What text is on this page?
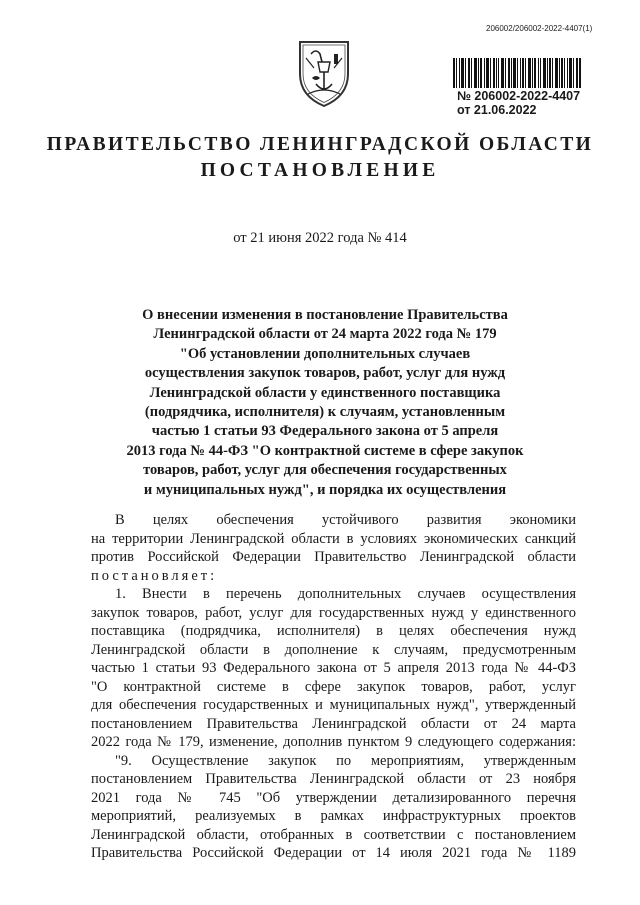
206002/206002-2022-4407(1)
№ 206002-2022-4407
от 21.06.2022
ПРАВИТЕЛЬСТВО ЛЕНИНГРАДСКОЙ ОБЛАСТИ
ПОСТАНОВЛЕНИЕ
от 21 июня 2022 года № 414
О внесении изменения в постановление Правительства
Ленинградской области от 24 марта 2022 года № 179
"Об установлении дополнительных случаев
осуществления закупок товаров, работ, услуг для нужд
Ленинградской области у единственного поставщика
(подрядчика, исполнителя) к случаям, установленным
частью 1 статьи 93 Федерального закона от 5 апреля
2013 года № 44-ФЗ "О контрактной системе в сфере закупок
товаров, работ, услуг для обеспечения государственных
и муниципальных нужд", и порядка их осуществления
В целях обеспечения устойчивого развития экономики
на территории Ленинградской области в условиях экономических санкций
против Российской Федерации Правительство Ленинградской области
постановляет:
1. Внести в перечень дополнительных случаев осуществления
закупок товаров, работ, услуг для государственных нужд у единственного
поставщика (подрядчика, исполнителя) в целях обеспечения нужд
Ленинградской области в дополнение к случаям, предусмотренным
частью 1 статьи 93 Федерального закона от 5 апреля 2013 года № 44-ФЗ
"О контрактной системе в сфере закупок товаров, работ, услуг
для обеспечения государственных и муниципальных нужд", утвержденный
постановлением Правительства Ленинградской области от 24 марта
2022 года № 179, изменение, дополнив пунктом 9 следующего содержания:
"9. Осуществление закупок по мероприятиям, утвержденным
постановлением Правительства Ленинградской области от 23 ноября
2021 года № 745 "Об утверждении детализированного перечня
мероприятий, реализуемых в рамках инфраструктурных проектов
Ленинградской области, отобранных в соответствии с постановлением
Правительства Российской Федерации от 14 июля 2021 года № 1189
